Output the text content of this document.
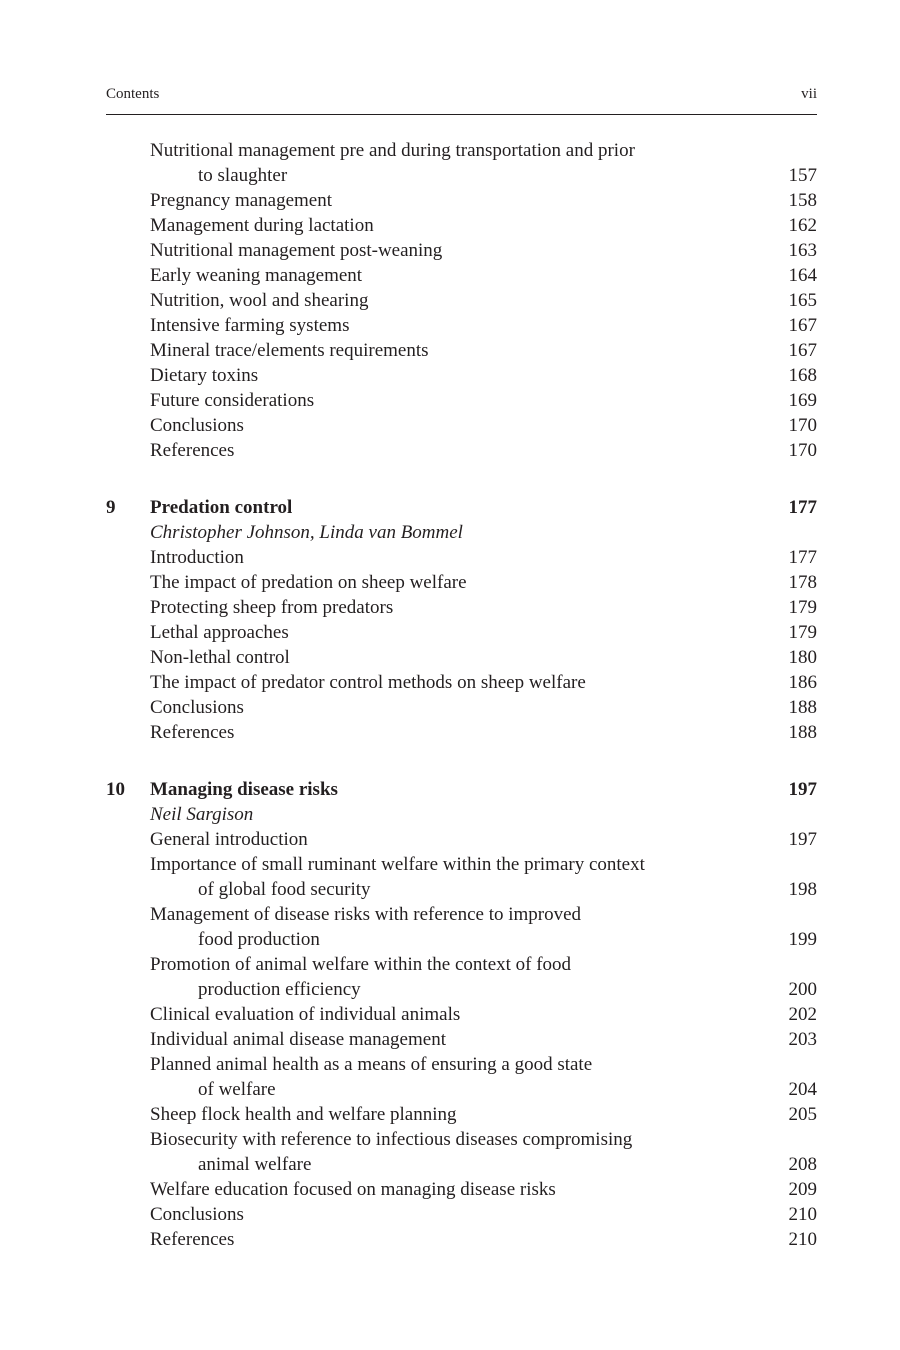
Contents	vii
Nutritional management pre and during transportation and prior
to slaughter	157
Pregnancy management	158
Management during lactation	162
Nutritional management post-weaning	163
Early weaning management	164
Nutrition, wool and shearing	165
Intensive farming systems	167
Mineral trace/elements requirements	167
Dietary toxins	168
Future considerations	169
Conclusions	170
References	170
9 Predation control	177
Christopher Johnson, Linda van Bommel
Introduction	177
The impact of predation on sheep welfare	178
Protecting sheep from predators	179
Lethal approaches	179
Non-lethal control	180
The impact of predator control methods on sheep welfare	186
Conclusions	188
References	188
10 Managing disease risks	197
Neil Sargison
General introduction	197
Importance of small ruminant welfare within the primary context
of global food security	198
Management of disease risks with reference to improved
food production	199
Promotion of animal welfare within the context of food
production efficiency	200
Clinical evaluation of individual animals	202
Individual animal disease management	203
Planned animal health as a means of ensuring a good state
of welfare	204
Sheep flock health and welfare planning	205
Biosecurity with reference to infectious diseases compromising
animal welfare	208
Welfare education focused on managing disease risks	209
Conclusions	210
References	210
